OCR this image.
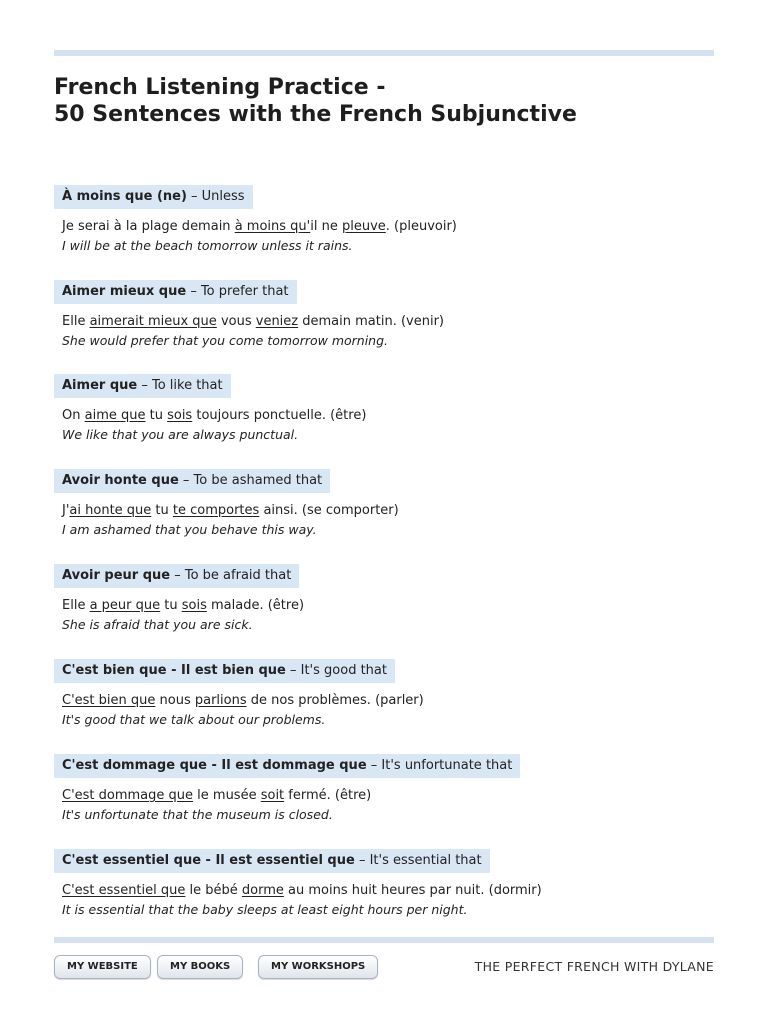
French Listening Practice -
50 Sentences with the French Subjunctive
À moins que (ne) – Unless
Je serai à la plage demain à moins qu'il ne pleuve. (pleuvoir)
I will be at the beach tomorrow unless it rains.
Aimer mieux que – To prefer that
Elle aimerait mieux que vous veniez demain matin. (venir)
She would prefer that you come tomorrow morning.
Aimer que – To like that
On aime que tu sois toujours ponctuelle. (être)
We like that you are always punctual.
Avoir honte que – To be ashamed that
J'ai honte que tu te comportes ainsi. (se comporter)
I am ashamed that you behave this way.
Avoir peur que – To be afraid that
Elle a peur que tu sois malade. (être)
She is afraid that you are sick.
C'est bien que - Il est bien que – It's good that
C'est bien que nous parlions de nos problèmes. (parler)
It's good that we talk about our problems.
C'est dommage que - Il est dommage que – It's unfortunate that
C'est dommage que le musée soit fermé. (être)
It's unfortunate that the museum is closed.
C'est essentiel que - Il est essentiel que – It's essential that
C'est essentiel que le bébé dorme au moins huit heures par nuit. (dormir)
It is essential that the baby sleeps at least eight hours per night.
MY WEBSITE	MY BOOKS	MY WORKSHOPS	THE PERFECT FRENCH WITH DYLANE
